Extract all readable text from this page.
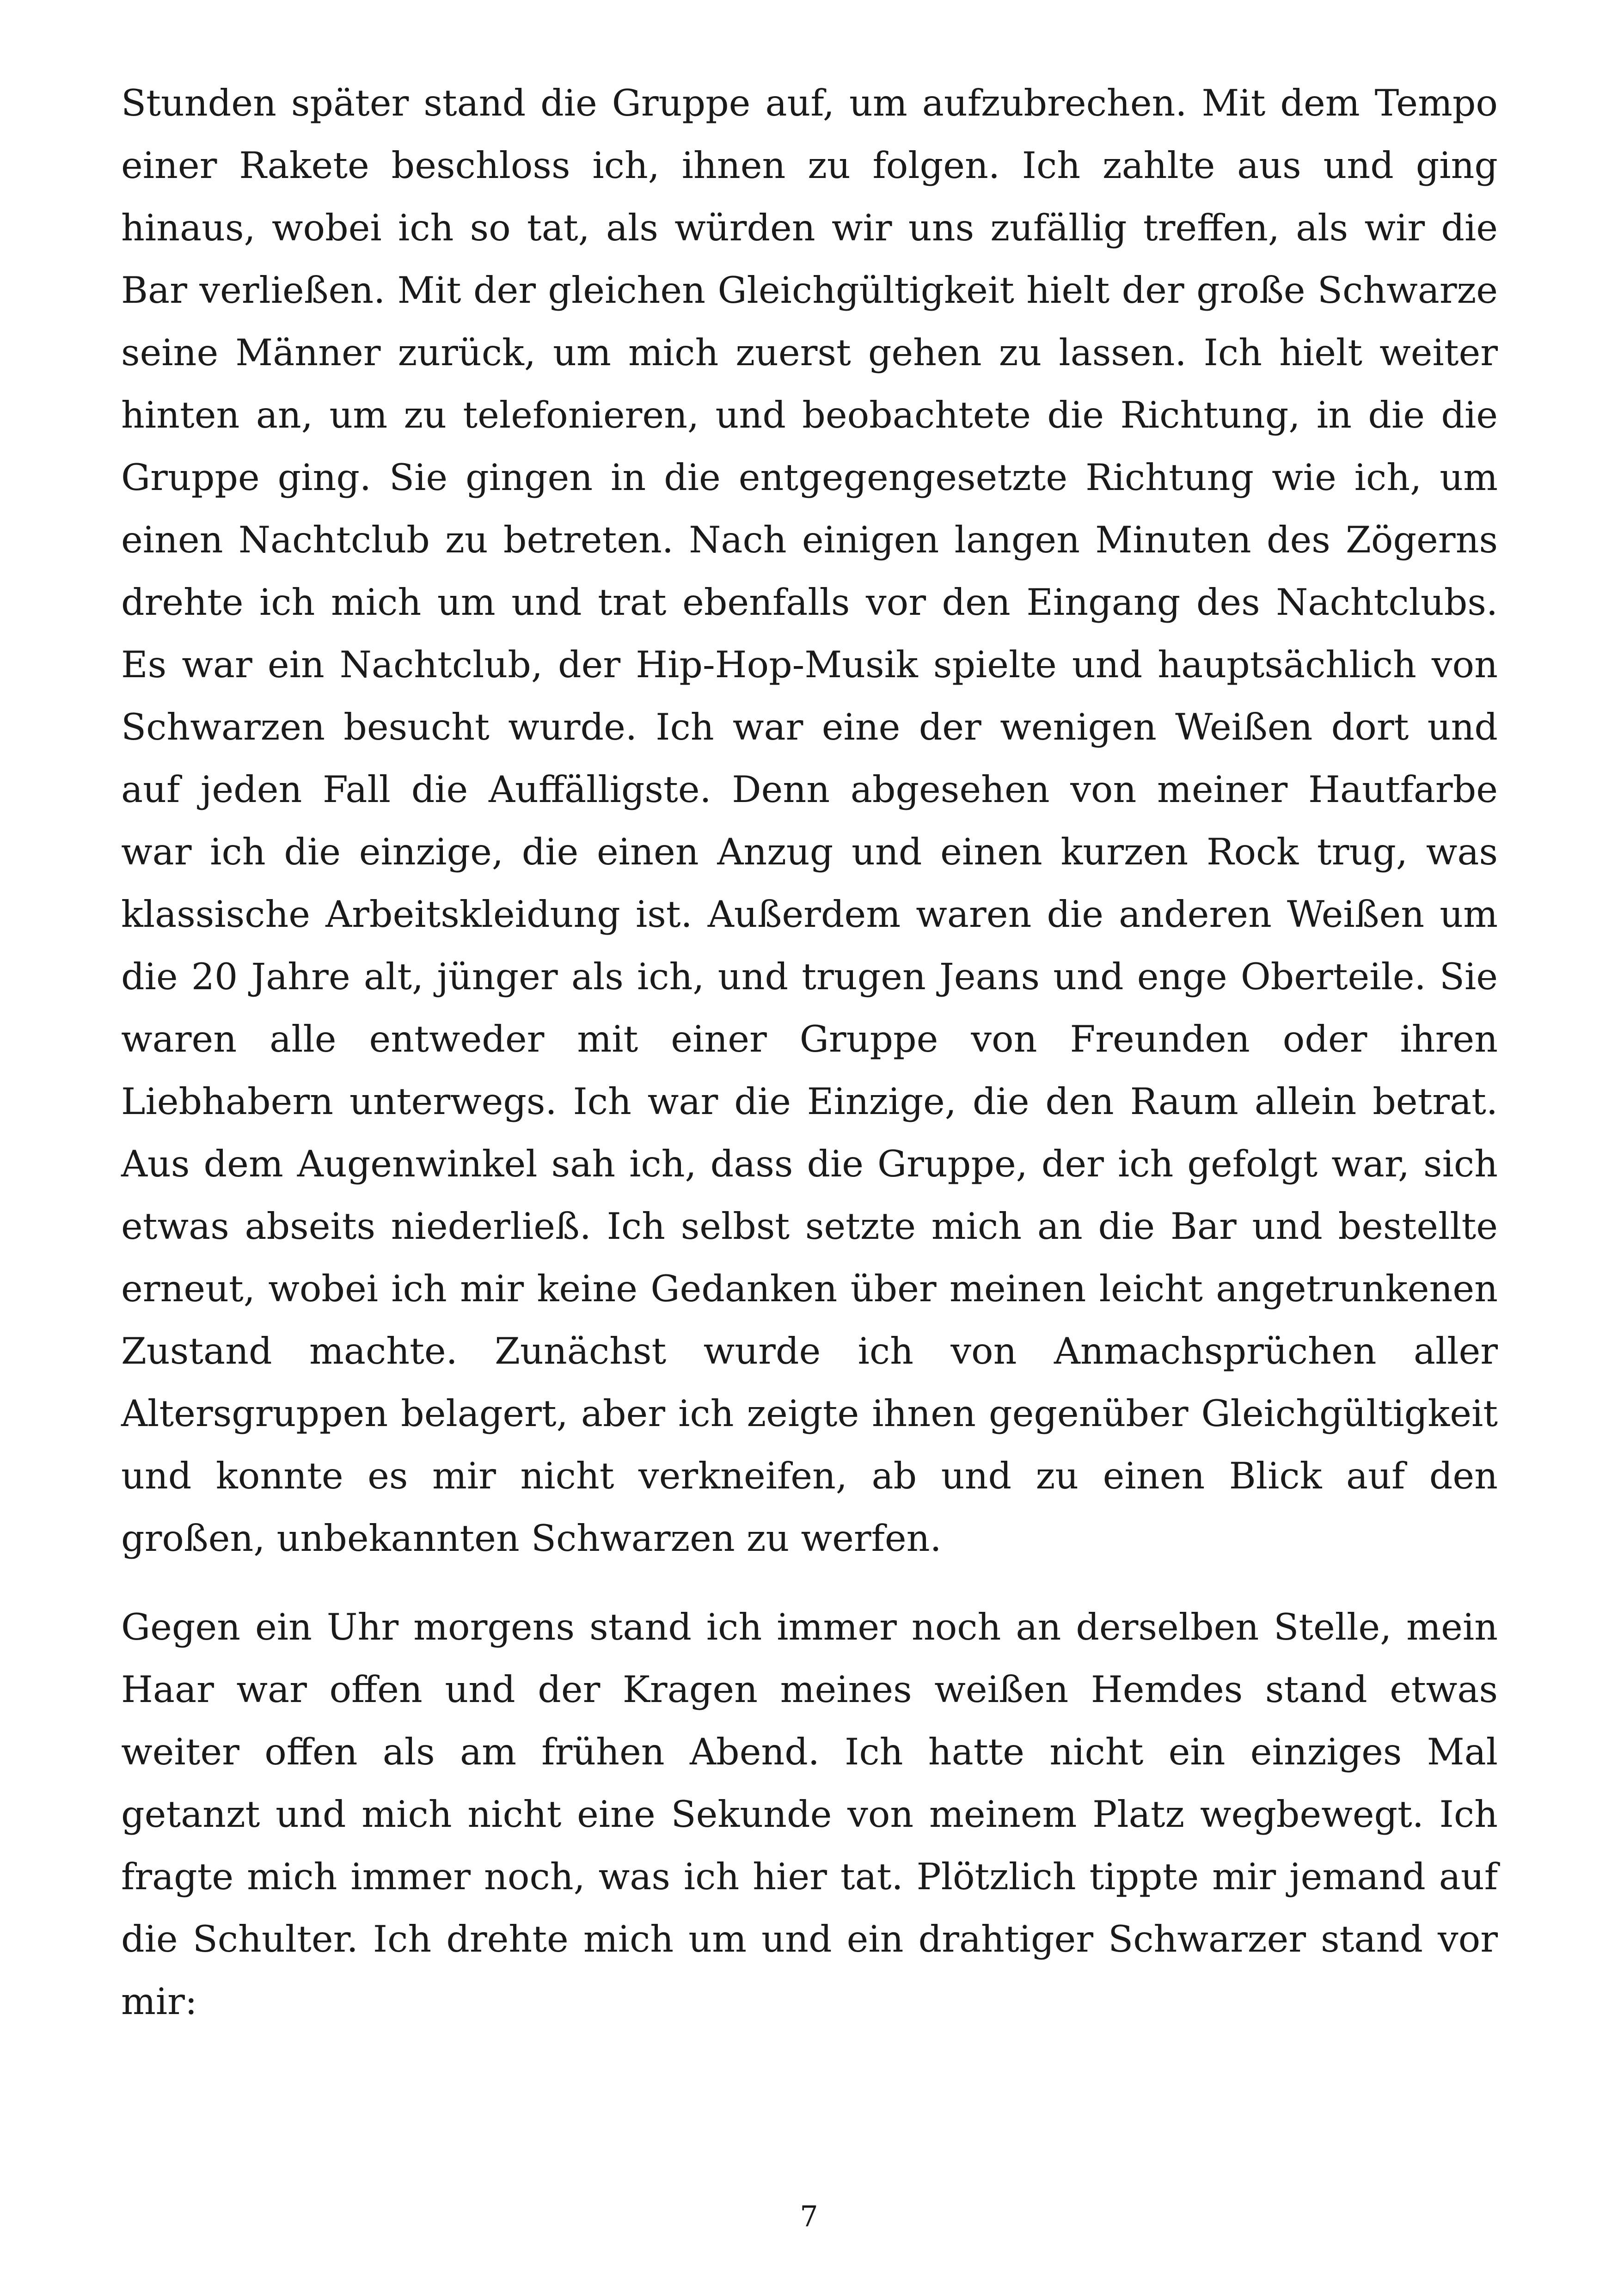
Stunden später stand die Gruppe auf, um aufzubrechen. Mit dem Tempo einer Rakete beschloss ich, ihnen zu folgen. Ich zahlte aus und ging hinaus, wobei ich so tat, als würden wir uns zufällig treffen, als wir die Bar verließen. Mit der gleichen Gleichgültigkeit hielt der große Schwarze seine Männer zurück, um mich zuerst gehen zu lassen. Ich hielt weiter hinten an, um zu telefonieren, und beobachtete die Richtung, in die die Gruppe ging. Sie gingen in die entgegengesetzte Richtung wie ich, um einen Nachtclub zu betreten. Nach einigen langen Minuten des Zögerns drehte ich mich um und trat ebenfalls vor den Eingang des Nachtclubs. Es war ein Nachtclub, der Hip-Hop-Musik spielte und hauptsächlich von Schwarzen besucht wurde. Ich war eine der wenigen Weißen dort und auf jeden Fall die Auffälligste. Denn abgesehen von meiner Hautfarbe war ich die einzige, die einen Anzug und einen kurzen Rock trug, was klassische Arbeitskleidung ist. Außerdem waren die anderen Weißen um die 20 Jahre alt, jünger als ich, und trugen Jeans und enge Oberteile. Sie waren alle entweder mit einer Gruppe von Freunden oder ihren Liebhabern unterwegs. Ich war die Einzige, die den Raum allein betrat. Aus dem Augenwinkel sah ich, dass die Gruppe, der ich gefolgt war, sich etwas abseits niederließ. Ich selbst setzte mich an die Bar und bestellte erneut, wobei ich mir keine Gedanken über meinen leicht angetrunkenen Zustand machte. Zunächst wurde ich von Anmachsprüchen aller Altersgruppen belagert, aber ich zeigte ihnen gegenüber Gleichgültigkeit und konnte es mir nicht verkneifen, ab und zu einen Blick auf den großen, unbekannten Schwarzen zu werfen.

Gegen ein Uhr morgens stand ich immer noch an derselben Stelle, mein Haar war offen und der Kragen meines weißen Hemdes stand etwas weiter offen als am frühen Abend. Ich hatte nicht ein einziges Mal getanzt und mich nicht eine Sekunde von meinem Platz wegbewegt. Ich fragte mich immer noch, was ich hier tat. Plötzlich tippte mir jemand auf die Schulter. Ich drehte mich um und ein drahtiger Schwarzer stand vor mir:

7
